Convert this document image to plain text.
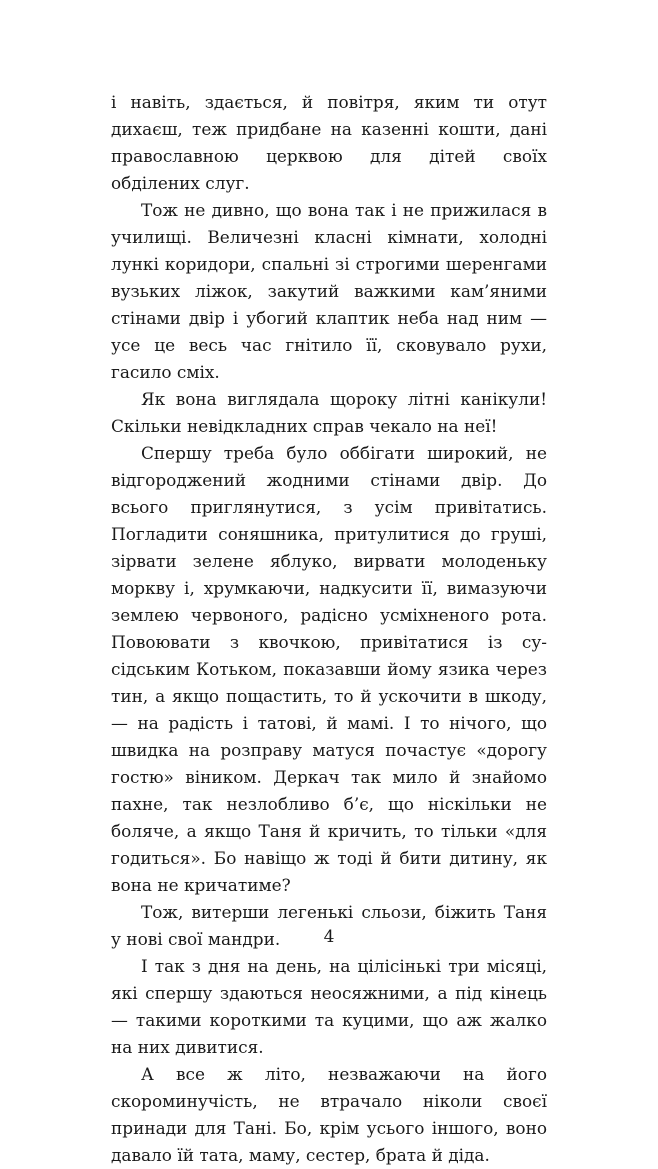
і навіть, здається, й повітря, яким ти отут дихаєш, теж придбане на казенні кошти, дані православною церквою для дітей своїх обділених слуг.

Тож не дивно, що вона так і не прижилася в училищі. Величезні класні кімнати, холодні лункі коридори, спальні зі строгими шеренгами вузьких ліжок, закутий важкими кам’яними стінами двір і убогий клаптик неба над ним — усе це весь час гнітило її, сковувало рухи, гасило сміх.

Як вона виглядала щороку літні канікули! Скільки невідкладних справ чекало на неї!

Спершу треба було оббігати широкий, не відгороджений жодними стінами двір. До всього приглянутися, з усім привітатись. Погладити соняшника, притулитися до груші, зірвати зелене яблуко, вирвати молоденьку моркву і, хрумкаючи, надкусити її, вимазуючи землею червоного, радісно усміхненого рота. Повоювати з квочкою, привітатися із сусідським Котьком, показавши йому язика через тин, а якщо пощастить, то й ускочити в шкоду, — на радість і татові, й мамі. І то нічого, що швидка на розправу матуся почастує «дорогу гостю» віником. Деркач так мило й знайомо пахне, так незлобливо б’є, що ніскільки не боляче, а якщо Таня й кричить, то тільки «для годиться». Бо навіщо ж тоді й бити дитину, як вона не кричатиме?

Тож, витерши легенькі сльози, біжить Таня у нові свої мандри.

І так з дня на день, на цілісінькі три місяці, які спершу здаються неосяжними, а під кінець — такими короткими та куцими, що аж жалко на них дивитися.

А все ж літо, незважаючи на його скороминучість, не втрачало ніколи своєї принади для Тані. Бо, крім усього іншого, воно давало їй тата, маму, сестер, брата й діда.

4
